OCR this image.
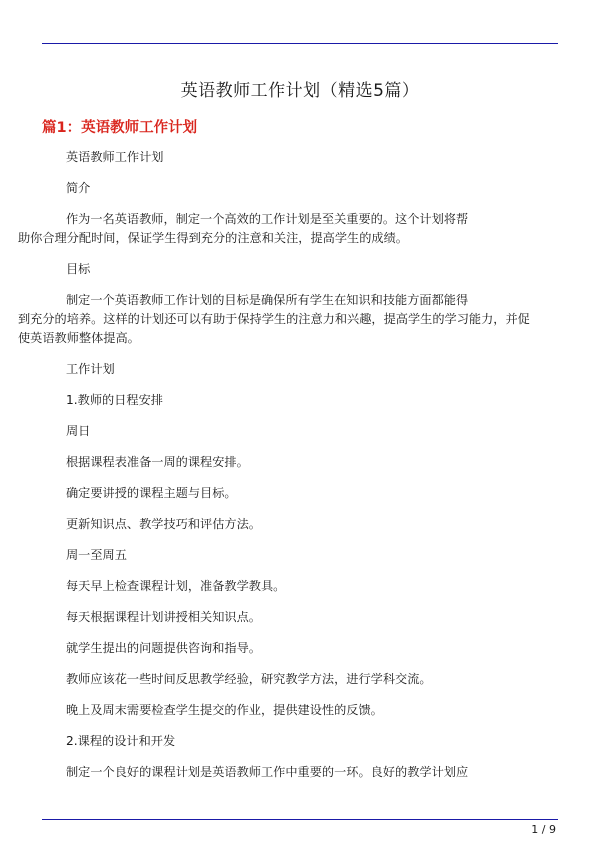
英语教师工作计划（精选5篇）
篇1：英语教师工作计划

英语教师工作计划

简介

作为一名英语教师，制定一个高效的工作计划是至关重要的。这个计划将帮
助你合理分配时间，保证学生得到充分的注意和关注，提高学生的成绩。

目标

制定一个英语教师工作计划的目标是确保所有学生在知识和技能方面都能得
到充分的培养。这样的计划还可以有助于保持学生的注意力和兴趣，提高学生的学习能力，并促
使英语教师整体提高。

工作计划

1.教师的日程安排

周日

根据课程表准备一周的课程安排。

确定要讲授的课程主题与目标。

更新知识点、教学技巧和评估方法。

周一至周五

每天早上检查课程计划，准备教学教具。

每天根据课程计划讲授相关知识点。

就学生提出的问题提供咨询和指导。

教师应该花一些时间反思教学经验，研究教学方法，进行学科交流。

晚上及周末需要检查学生提交的作业，提供建设性的反馈。

2.课程的设计和开发

制定一个良好的课程计划是英语教师工作中重要的一环。良好的教学计划应

1 / 9
